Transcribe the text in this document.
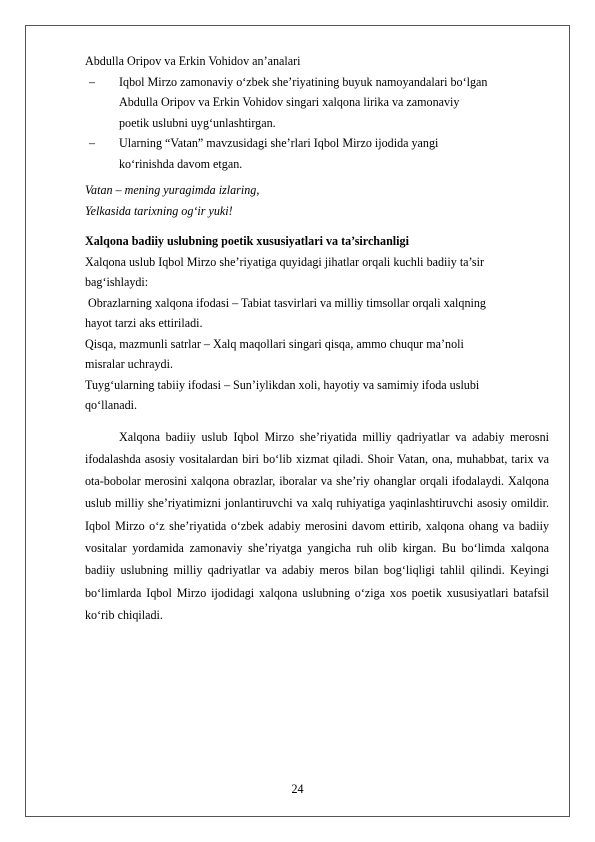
Abdulla Oripov va Erkin Vohidov an’analari
– Iqbol Mirzo zamonaviy o‘zbek she’riyatining buyuk namoyandalari bo‘lgan
Abdulla Oripov va Erkin Vohidov singari xalqona lirika va zamonaviy
poetik uslubni uyg‘unlashtirgan.
– Ularning “Vatan” mavzusidagi she’rlari Iqbol Mirzo ijodida yangi
ko‘rinishda davom etgan.
Vatan – mening yuragimda izlaring,
Yelkasida tarixning og‘ir yuki!
Xalqona badiiy uslubning poetik xususiyatlari va ta’sirchanligi
Xalqona uslub Iqbol Mirzo she’riyatiga quyidagi jihatlar orqali kuchli badiiy ta’sir
bag‘ishlaydi:
Obrazlarning xalqona ifodasi – Tabiat tasvirlari va milliy timsollar orqali xalqning
hayot tarzi aks ettiriladi.
Qisqa, mazmunli satrlar – Xalq maqollari singari qisqa, ammo chuqur ma’noli
misralar uchraydi.
Tuyg‘ularning tabiiy ifodasi – Sun’iylikdan xoli, hayotiy va samimiy ifoda uslubi
qo‘llanadi.
Xalqona badiiy uslub Iqbol Mirzo she’riyatida milliy qadriyatlar va adabiy merosni ifodalashda asosiy vositalardan biri bo‘lib xizmat qiladi. Shoir Vatan, ona, muhabbat, tarix va ota-bobolar merosini xalqona obrazlar, iboralar va she’riy ohanglar orqali ifodalaydi. Xalqona uslub milliy she’riyatimizni jonlantiruvchi va xalq ruhiyatiga yaqinlashtiruvchi asosiy omildir. Iqbol Mirzo o‘z she’riyatida o‘zbek adabiy merosini davom ettirib, xalqona ohang va badiiy vositalar yordamida zamonaviy she’riyatga yangicha ruh olib kirgan. Bu bo‘limda xalqona badiiy uslubning milliy qadriyatlar va adabiy meros bilan bog‘liqligi tahlil qilindi. Keyingi bo‘limlarda Iqbol Mirzo ijodidagi xalqona uslubning o‘ziga xos poetik xususiyatlari batafsil ko‘rib chiqiladi.
24
